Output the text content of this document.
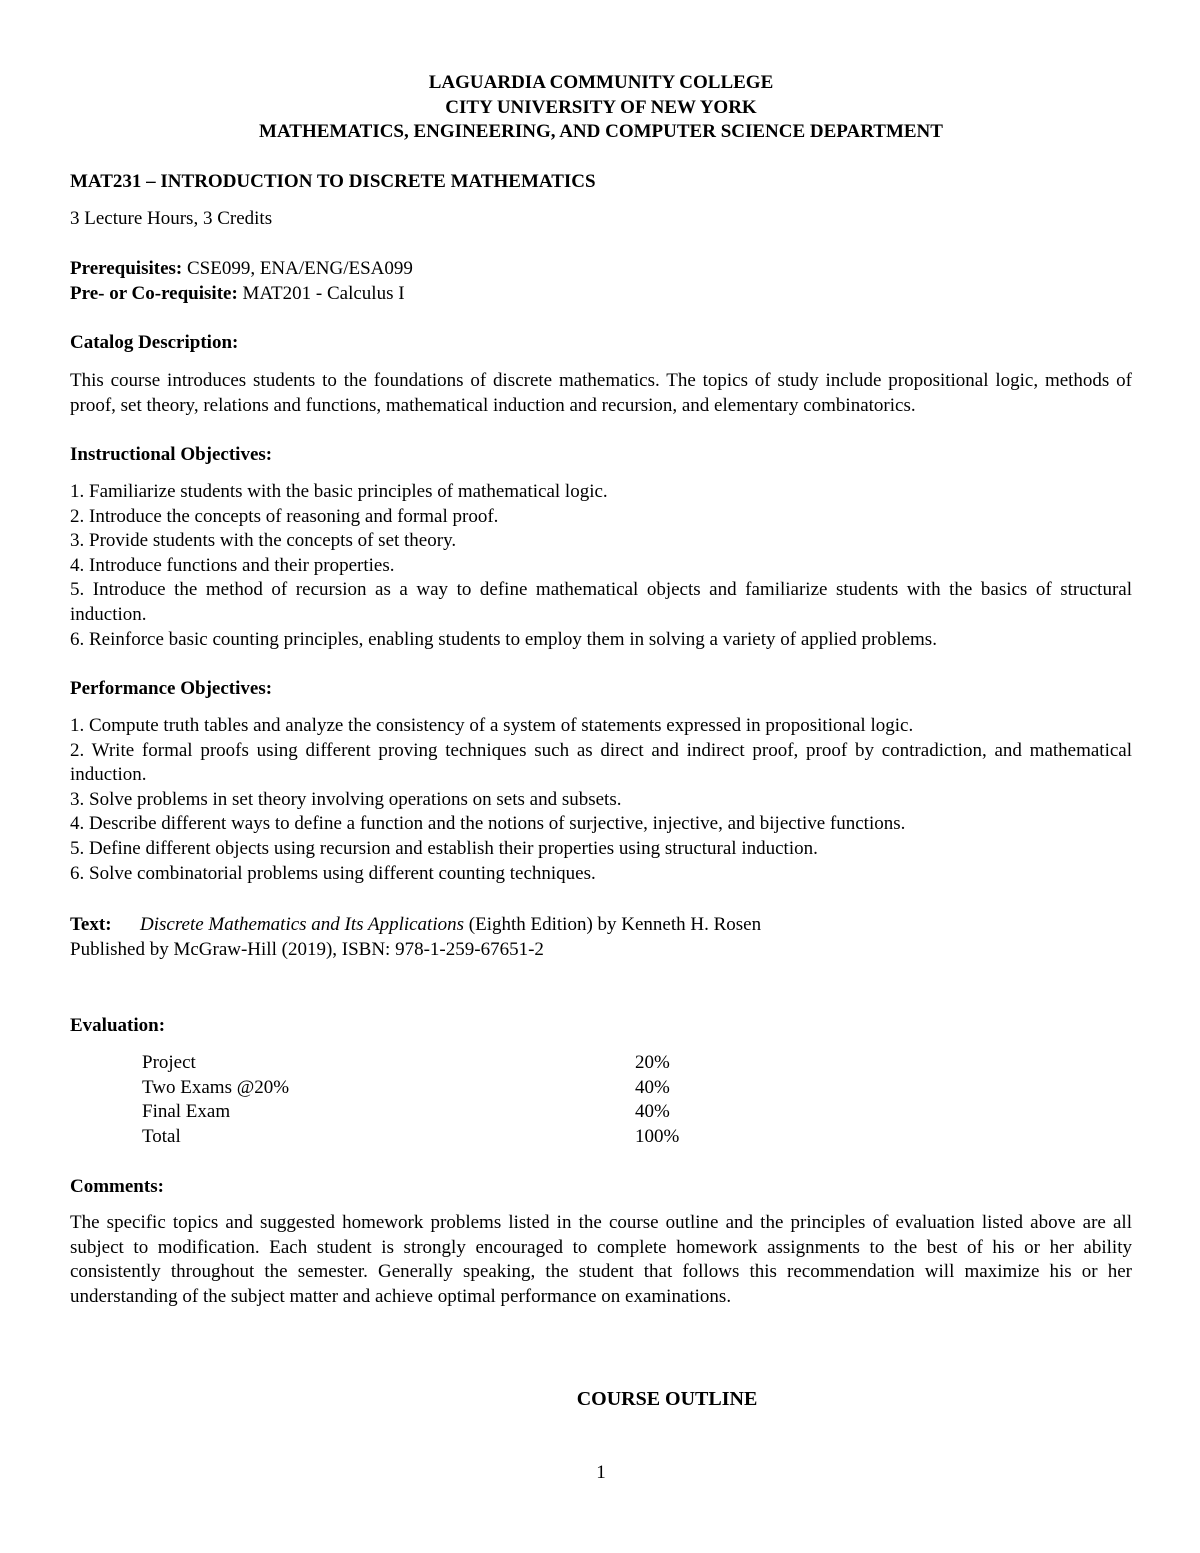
LAGUARDIA COMMUNITY COLLEGE
CITY UNIVERSITY OF NEW YORK
MATHEMATICS, ENGINEERING, AND COMPUTER SCIENCE DEPARTMENT
MAT231 – INTRODUCTION TO DISCRETE MATHEMATICS
3 Lecture Hours, 3 Credits
Prerequisites: CSE099, ENA/ENG/ESA099
Pre- or Co-requisite: MAT201 - Calculus I
Catalog Description:
This course introduces students to the foundations of discrete mathematics. The topics of study include propositional logic, methods of proof, set theory, relations and functions, mathematical induction and recursion, and elementary combinatorics.
Instructional Objectives:
1. Familiarize students with the basic principles of mathematical logic.
2. Introduce the concepts of reasoning and formal proof.
3. Provide students with the concepts of set theory.
4. Introduce functions and their properties.
5. Introduce the method of recursion as a way to define mathematical objects and familiarize students with the basics of structural induction.
6. Reinforce basic counting principles, enabling students to employ them in solving a variety of applied problems.
Performance Objectives:
1. Compute truth tables and analyze the consistency of a system of statements expressed in propositional logic.
2. Write formal proofs using different proving techniques such as direct and indirect proof, proof by contradiction, and mathematical induction.
3. Solve problems in set theory involving operations on sets and subsets.
4. Describe different ways to define a function and the notions of surjective, injective, and bijective functions.
5. Define different objects using recursion and establish their properties using structural induction.
6. Solve combinatorial problems using different counting techniques.
Text: Discrete Mathematics and Its Applications (Eighth Edition) by Kenneth H. Rosen
Published by McGraw-Hill (2019), ISBN: 978-1-259-67651-2
Evaluation:
Project	20%
Two Exams @20%	40%
Final Exam	40%
Total	100%
Comments:
The specific topics and suggested homework problems listed in the course outline and the principles of evaluation listed above are all subject to modification. Each student is strongly encouraged to complete homework assignments to the best of his or her ability consistently throughout the semester. Generally speaking, the student that follows this recommendation will maximize his or her understanding of the subject matter and achieve optimal performance on examinations.
1
COURSE OUTLINE
